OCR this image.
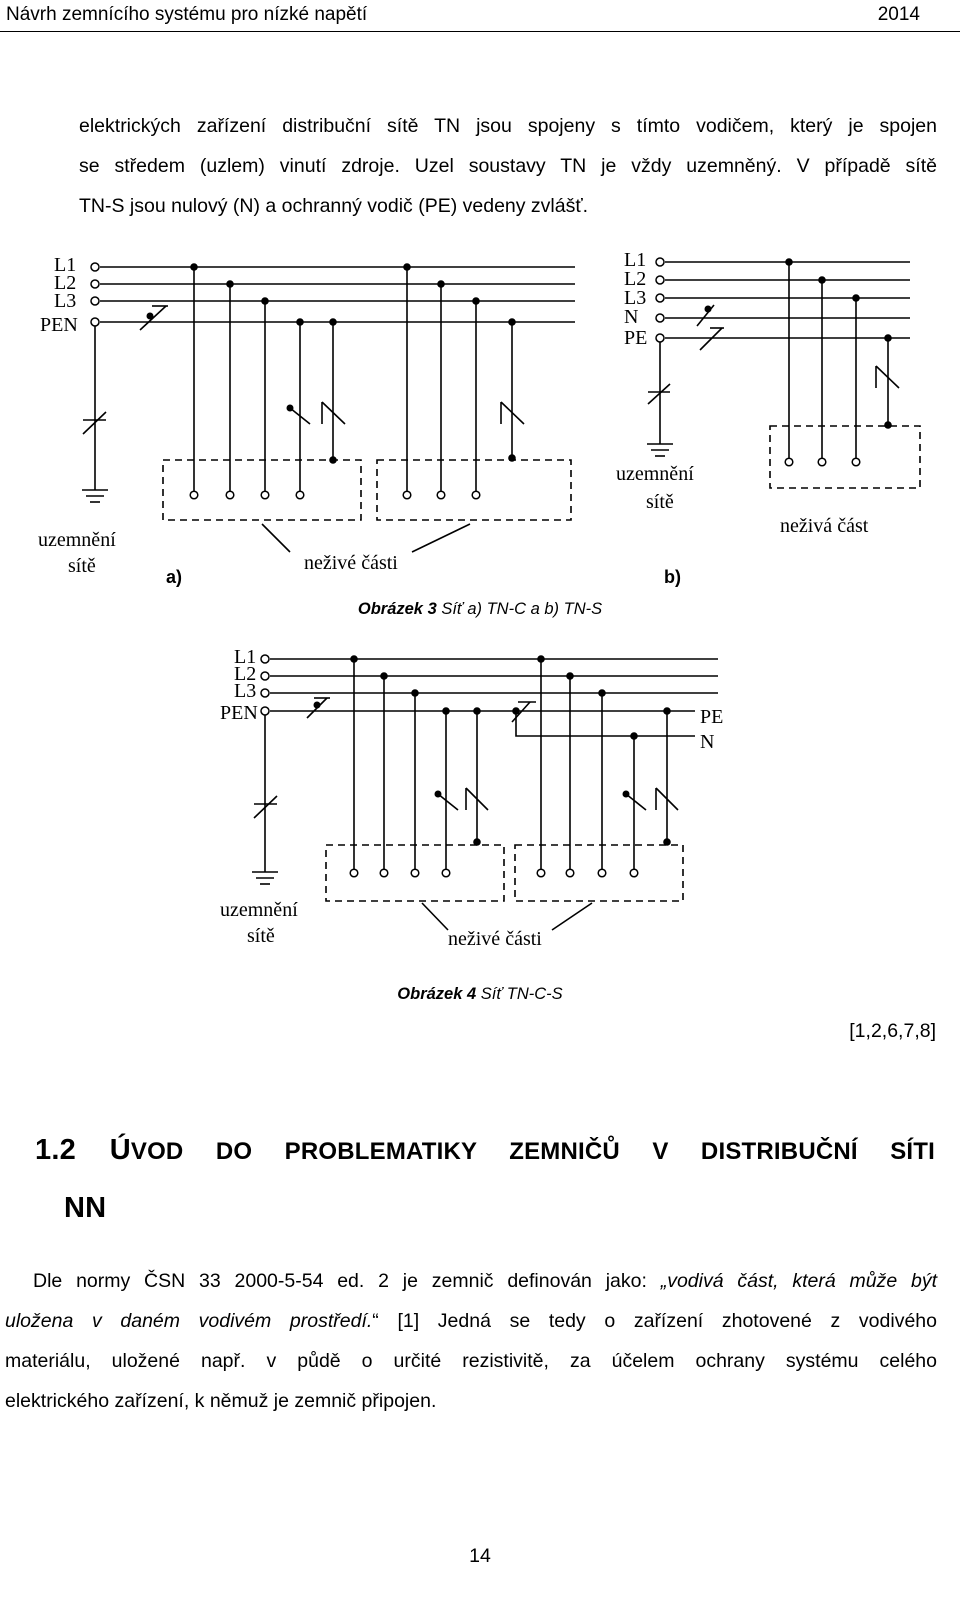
Návrh zemnícího systému pro nízké napětí	2014

elektrických zařízení distribuční sítě TN jsou spojeny s tímto vodičem, který je spojen

se středem (uzlem) vinutí zdroje. Uzel soustavy TN je vždy uzemněný. V případě sítě

TN-S jsou nulový (N) a ochranný vodič (PE) vedeny zvlášť.

L1
L2
L3
PEN
uzemnění
sítě	neživé části
a)
L1
L2
L3
N
PE
uzemnění
sítě
neživá část
b)
Obrázek 3 Síť a) TN-C a b) TN-S
L1
L2
L3
PEN	PE
N
uzemnění
sítě	neživé části
Obrázek 4 Síť TN-C-S
[1,2,6,7,8]
1.2 ÚVOD DO PROBLEMATIKY ZEMNIČŮ V DISTRIBUČNÍ SÍTI
NN

Dle normy ČSN 33 2000-5-54 ed. 2 je zemnič definován jako: „vodivá část, která může být

uložena v daném vodivém prostředí.“ [1] Jedná se tedy o zařízení zhotovené z vodivého

materiálu, uložené např. v půdě o určité rezistivitě, za účelem ochrany systému celého

elektrického zařízení, k němuž je zemnič připojen.

14
